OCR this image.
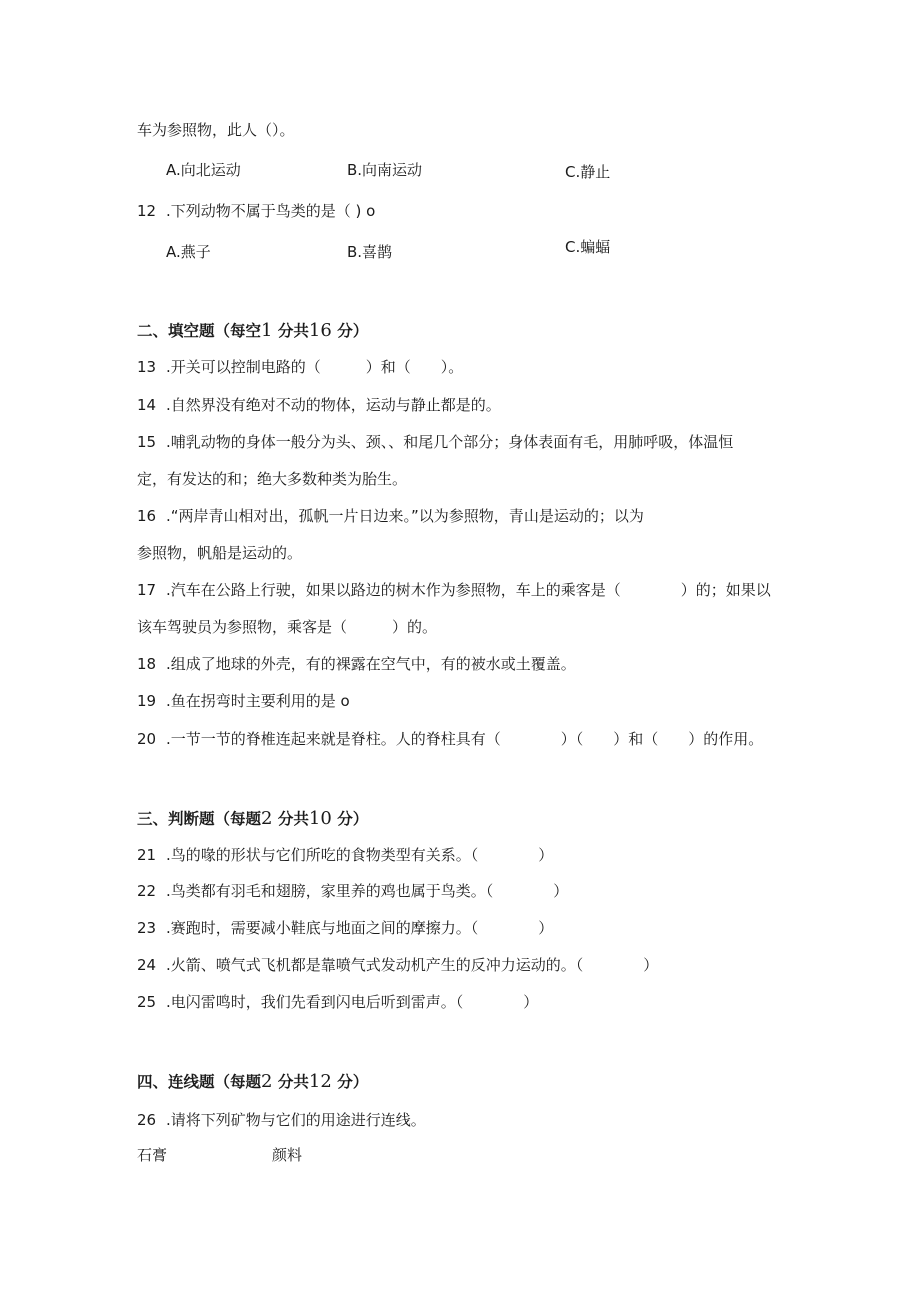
车为参照物，此人（）。
A.向北运动	B.向南运动	C.静止
12 .下列动物不属于鸟类的是（ ) o
A.燕子	B.喜鹊	C.蝙蝠
二、填空题（每空1 分共16 分）
13 .开关可以控制电路的（　　　）和（　　）。
14 .自然界没有绝对不动的物体，运动与静止都是的。
15 .哺乳动物的身体一般分为头、颈、、和尾几个部分；身体表面有毛，用肺呼吸，体温恒
定，有发达的和；绝大多数种类为胎生。
16 .“两岸青山相对出，孤帆一片日边来。”以为参照物，青山是运动的；以为
参照物，帆船是运动的。
17 .汽车在公路上行驶，如果以路边的树木作为参照物，车上的乘客是（　　　　）的；如果以
该车驾驶员为参照物，乘客是（　　　）的。
18 .组成了地球的外壳，有的裸露在空气中，有的被水或土覆盖。
19 .鱼在拐弯时主要利用的是 o
20 .一节一节的脊椎连起来就是脊柱。人的脊柱具有（　　　　）（　　）和（　　）的作用。
三、判断题（每题2 分共10 分）
21 .鸟的喙的形状与它们所吃的食物类型有关系。（　　　　）
22 .鸟类都有羽毛和翅膀，家里养的鸡也属于鸟类。（　　　　）
23 .赛跑时，需要减小鞋底与地面之间的摩擦力。（　　　　）
24 .火箭、喷气式飞机都是靠喷气式发动机产生的反冲力运动的。（　　　　）
25 .电闪雷鸣时，我们先看到闪电后听到雷声。（　　　　）
四、连线题（每题2 分共12 分）
26 .请将下列矿物与它们的用途进行连线。
石膏	颜料
